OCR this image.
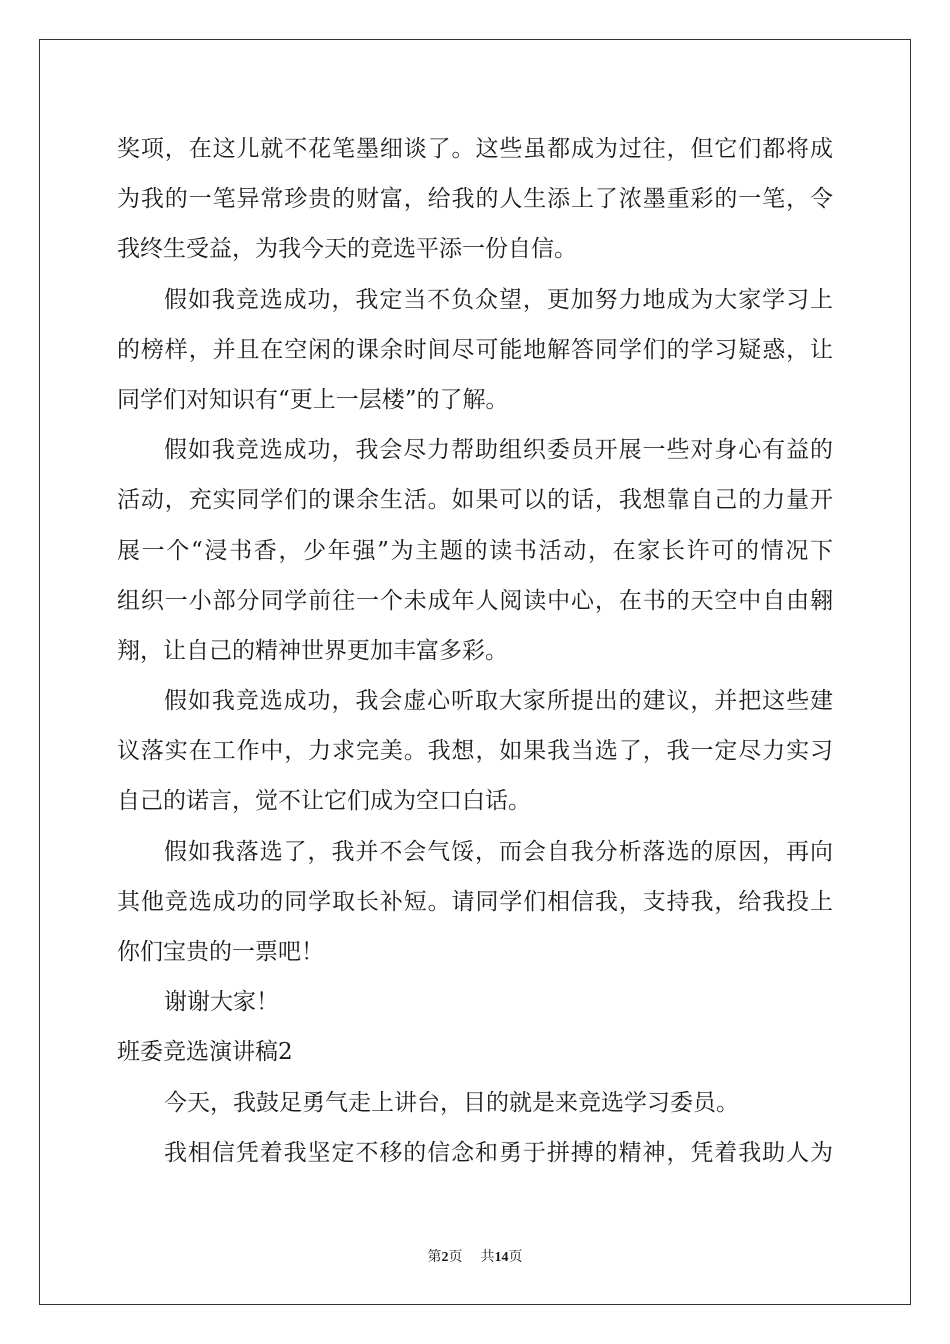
奖项，在这儿就不花笔墨细谈了。这些虽都成为过往，但它们都将成
为我的一笔异常珍贵的财富，给我的人生添上了浓墨重彩的一笔，令
我终生受益，为我今天的竞选平添一份自信。
假如我竞选成功，我定当不负众望，更加努力地成为大家学习上
的榜样，并且在空闲的课余时间尽可能地解答同学们的学习疑惑，让
同学们对知识有“更上一层楼”的了解。
假如我竞选成功，我会尽力帮助组织委员开展一些对身心有益的
活动，充实同学们的课余生活。如果可以的话，我想靠自己的力量开
展一个“浸书香，少年强”为主题的读书活动，在家长许可的情况下
组织一小部分同学前往一个未成年人阅读中心，在书的天空中自由翱
翔，让自己的精神世界更加丰富多彩。
假如我竞选成功，我会虚心听取大家所提出的建议，并把这些建
议落实在工作中，力求完美。我想，如果我当选了，我一定尽力实习
自己的诺言，觉不让它们成为空口白话。
假如我落选了，我并不会气馁，而会自我分析落选的原因，再向
其他竞选成功的同学取长补短。请同学们相信我，支持我，给我投上
你们宝贵的一票吧！
谢谢大家！
班委竞选演讲稿2
今天，我鼓足勇气走上讲台，目的就是来竞选学习委员。
我相信凭着我坚定不移的信念和勇于拼搏的精神，凭着我助人为
第2页 共14页
